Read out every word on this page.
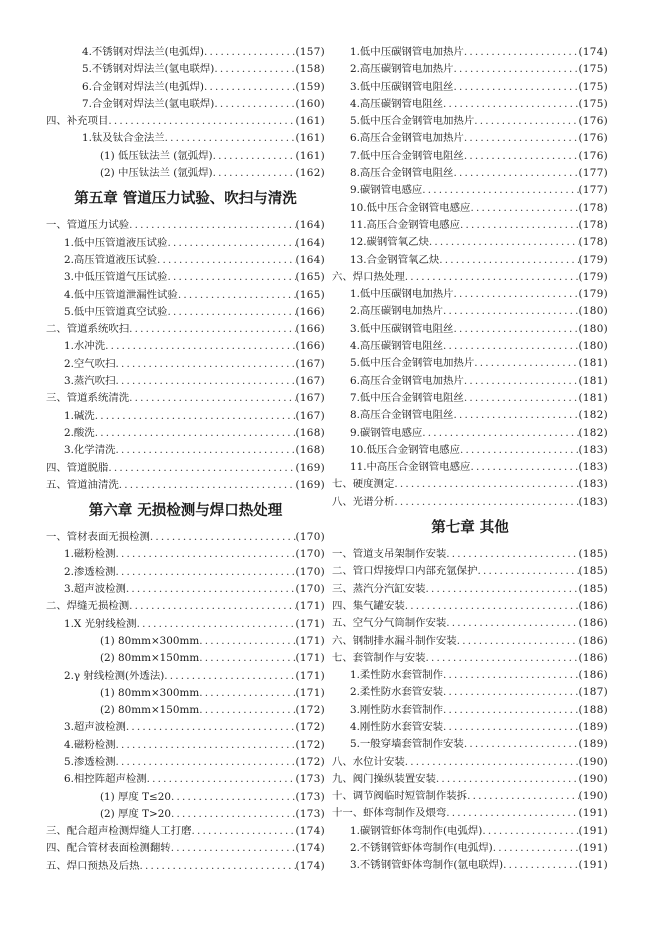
4.不锈钢对焊法兰(电弧焊) .....	(157)
5.不锈钢对焊法兰(氩电联焊) .....	(158)
6.合金钢对焊法兰(电弧焊) .....	(159)
7.合金钢对焊法兰(氩电联焊) .....	(160)
四、补充项目 .....	(161)
1.钛及钛合金法兰 .....	(161)
(1) 低压钛法兰 (氩弧焊) .....	(161)
(2) 中压钛法兰 (氩弧焊) .....	(162)
第五章 管道压力试验、吹扫与清洗
一、管道压力试验 .....	(164)
1.低中压管道液压试验 .....	(164)
2.高压管道液压试验 .....	(164)
3.中低压管道气压试验 .....	(165)
4.低中压管道泄漏性试验 .....	(165)
5.低中压管道真空试验 .....	(166)
二、管道系统吹扫 .....	(166)
1.水冲洗 .....	(166)
2.空气吹扫 .....	(167)
3.蒸汽吹扫 .....	(167)
三、管道系统清洗 .....	(167)
1.碱洗 .....	(167)
2.酸洗 .....	(168)
3.化学清洗 .....	(168)
四、管道脱脂 .....	(169)
五、管道油清洗 .....	(169)
第六章 无损检测与焊口热处理
一、管材表面无损检测 .....	(170)
1.磁粉检测 .....	(170)
2.渗透检测 .....	(170)
3.超声波检测 .....	(170)
二、焊缝无损检测 .....	(171)
1.X 光射线检测 .....	(171)
(1) 80mm×300mm .....	(171)
(2) 80mm×150mm .....	(171)
2.γ 射线检测(外透法) .....	(171)
(1) 80mm×300mm .....	(171)
(2) 80mm×150mm .....	(172)
3.超声波检测 .....	(172)
4.磁粉检测 .....	(172)
5.渗透检测 .....	(172)
6.相控阵超声检测 .....	(173)
(1) 厚度 T≤20 .....	(173)
(2) 厚度 T>20 .....	(173)
三、配合超声检测焊缝人工打磨 .....	(174)
四、配合管材表面检测翻转 .....	(174)
五、焊口预热及后热 .....	(174)
1.低中压碳钢管电加热片 .....	(174)
2.高压碳钢管电加热片 .....	(175)
3.低中压碳钢管电阻丝 .....	(175)
4.高压碳钢管电阻丝 .....	(175)
5.低中压合金钢管电加热片 .....	(176)
6.高压合金钢管电加热片 .....	(176)
7.低中压合金钢管电阻丝 .....	(176)
8.高压合金钢管电阻丝 .....	(177)
9.碳钢管电感应 .....	(177)
10.低中压合金钢管电感应 .....	(178)
11.高压合金钢管电感应 .....	(178)
12.碳钢管氧乙炔 .....	(178)
13.合金钢管氧乙炔 .....	(179)
六、焊口热处理 .....	(179)
1.低中压碳钢电加热片 .....	(179)
2.高压碳钢电加热片 .....	(180)
3.低中压碳钢管电阻丝 .....	(180)
4.高压碳钢管电阻丝 .....	(180)
5.低中压合金钢管电加热片 .....	(181)
6.高压合金钢管电加热片 .....	(181)
7.低中压合金钢管电阻丝 .....	(181)
8.高压合金钢管电阻丝 .....	(182)
9.碳钢管电感应 .....	(182)
10.低压合金钢管电感应 .....	(183)
11.中高压合金钢管电感应 .....	(183)
七、硬度测定 .....	(183)
八、光谱分析 .....	(183)
第七章 其他
一、管道支吊架制作安装 .....	(185)
二、管口焊接焊口内部充氩保护 .....	(185)
三、蒸汽分汽缸安装 .....	(185)
四、集气罐安装 .....	(186)
五、空气分气筒制作安装 .....	(186)
六、钢制排水漏斗制作安装 .....	(186)
七、套管制作与安装 .....	(186)
1.柔性防水套管制作 .....	(186)
2.柔性防水套管安装 .....	(187)
3.刚性防水套管制作 .....	(188)
4.刚性防水套管安装 .....	(189)
5.一般穿墙套管制作安装 .....	(189)
八、水位计安装 .....	(190)
九、阀门操纵装置安装 .....	(190)
十、调节阀临时短管制作装拆 .....	(190)
十一、虾体弯制作及煨弯 .....	(191)
1.碳钢管虾体弯制作(电弧焊) .....	(191)
2.不锈钢管虾体弯制作(电弧焊) .....	(191)
3.不锈钢管虾体弯制作(氩电联焊) .....	(191)
